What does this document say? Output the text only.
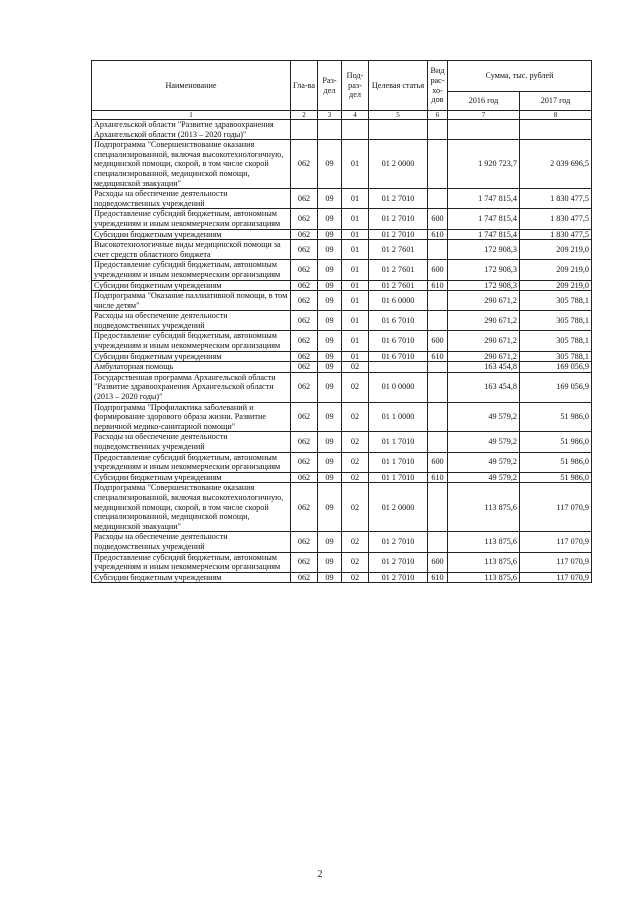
Наименование	Гла-ва	Раз-дел	Под-раз-дел	Целевая статья	Вид рас-хо-дов	Сумма, тыс. рублей	
						2016 год	2017 год
1	2	3	4	5	6	7	8
Архангельской области "Развитие здравоохранения Архангельской области (2013 – 2020 годы)"							
Подпрограмма "Совершенствование оказания специализированной, включая высокотехнологичную, медицинской помощи, скорой, в том числе скорой специализированной, медицинской помощи, медицинской эвакуации"	062	09	01	01 2 0000		1 920 723,7	2 039 696,5
Расходы на обеспечение деятельности подведомственных учреждений	062	09	01	01 2 7010		1 747 815,4	1 830 477,5
Предоставление субсидий бюджетным, автономным учреждениям и иным некоммерческим организациям	062	09	01	01 2 7010	600	1 747 815,4	1 830 477,5
Субсидии бюджетным учреждениям	062	09	01	01 2 7010	610	1 747 815,4	1 830 477,5
Высокотехнологичные виды медицинской помощи за счет средств областного бюджета	062	09	01	01 2 7601		172 908,3	209 219,0
Предоставление субсидий бюджетным, автономным учреждениям и иным некоммерческим организациям	062	09	01	01 2 7601	600	172 908,3	209 219,0
Субсидии бюджетным учреждениям	062	09	01	01 2 7601	610	172 908,3	209 219,0
Подпрограмма "Оказание паллиативной помощи, в том числе детям"	062	09	01	01 6 0000		290 671,2	305 788,1
Расходы на обеспечение деятельности подведомственных учреждений	062	09	01	01 6 7010		290 671,2	305 788,1
Предоставление субсидий бюджетным, автономным учреждениям и иным некоммерческим организациям	062	09	01	01 6 7010	600	290 671,2	305 788,1
Субсидии бюджетным учреждениям	062	09	01	01 6 7010	610	290 671,2	305 788,1
Амбулаторная помощь	062	09	02			163 454,8	169 056,9
Государственная программа Архангельской области "Развитие здравоохранения Архангельской области (2013 – 2020 годы)"	062	09	02	01 0 0000		163 454,8	169 056,9
Подпрограмма "Профилактика заболеваний и формирование здорового образа жизни. Развитие первичной медико-санитарной помощи"	062	09	02	01 1 0000		49 579,2	51 986,0
Расходы на обеспечение деятельности подведомственных учреждений	062	09	02	01 1 7010		49 579,2	51 986,0
Предоставление субсидий бюджетным, автономным учреждениям и иным некоммерческим организациям	062	09	02	01 1 7010	600	49 579,2	51 986,0
Субсидии бюджетным учреждениям	062	09	02	01 1 7010	610	49 579,2	51 986,0
Подпрограмма "Совершенствование оказания специализированной, включая высокотехнологичную, медицинской помощи, скорой, в том числе скорой специализированной, медицинской помощи, медицинской эвакуации"	062	09	02	01 2 0000		113 875,6	117 070,9
Расходы на обеспечение деятельности подведомственных учреждений	062	09	02	01 2 7010		113 875,6	117 070,9
Предоставление субсидий бюджетным, автономным учреждениям и иным некоммерческим организациям	062	09	02	01 2 7010	600	113 875,6	117 070,9
Субсидии бюджетным учреждениям	062	09	02	01 2 7010	610	113 875,6	117 070,9
2
